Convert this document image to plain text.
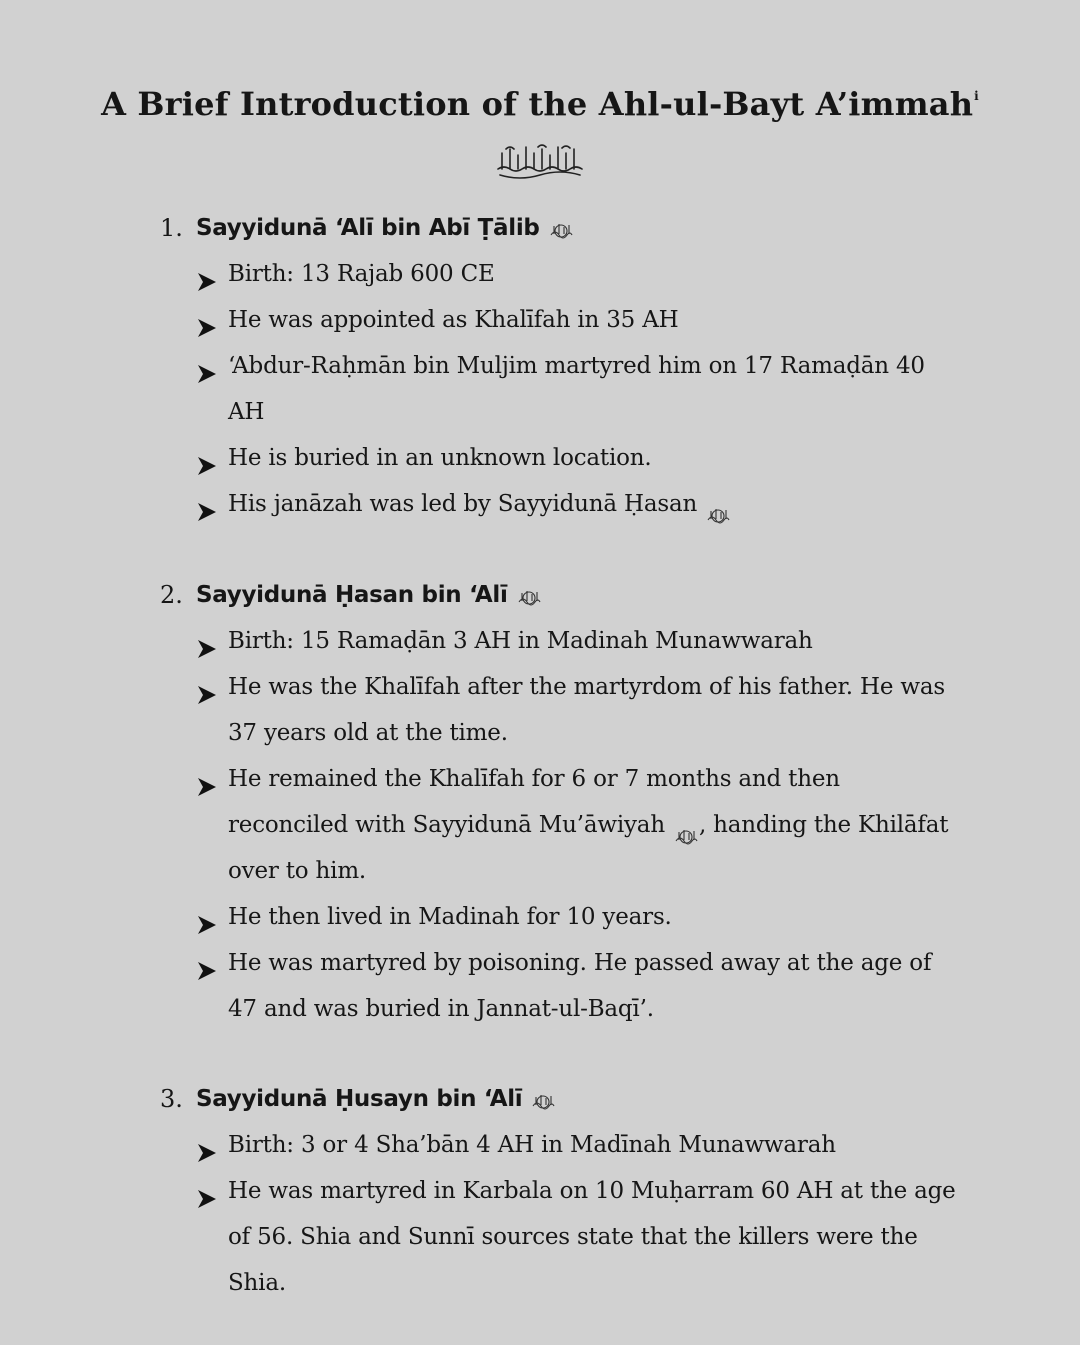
A Brief Introduction of the Ahl-ul-Bayt A’immah$^i$
1. Sayyidunā ‘Alī bin Abī Ṭālib
Birth: 13 Rajab 600 CE
He was appointed as Khalīfah in 35 AH
‘Abdur-Raḥmān bin Muljim martyred him on 17 Ramaḍān 40 AH
He is buried in an unknown location.
His janāzah was led by Sayyidunā Ḥasan
2. Sayyidunā Ḥasan bin ‘Alī
Birth: 15 Ramaḍān 3 AH in Madinah Munawwarah
He was the Khalīfah after the martyrdom of his father. He was 37 years old at the time.
He remained the Khalīfah for 6 or 7 months and then reconciled with Sayyidunā Mu’āwiyah , handing the Khilāfat over to him.
He then lived in Madinah for 10 years.
He was martyred by poisoning. He passed away at the age of 47 and was buried in Jannat-ul-Baqī’.
3. Sayyidunā Ḥusayn bin ‘Alī
Birth: 3 or 4 Sha’bān 4 AH in Madīnah Munawwarah
He was martyred in Karbala on 10 Muḥarram 60 AH at the age of 56. Shia and Sunnī sources state that the killers were the Shia.
